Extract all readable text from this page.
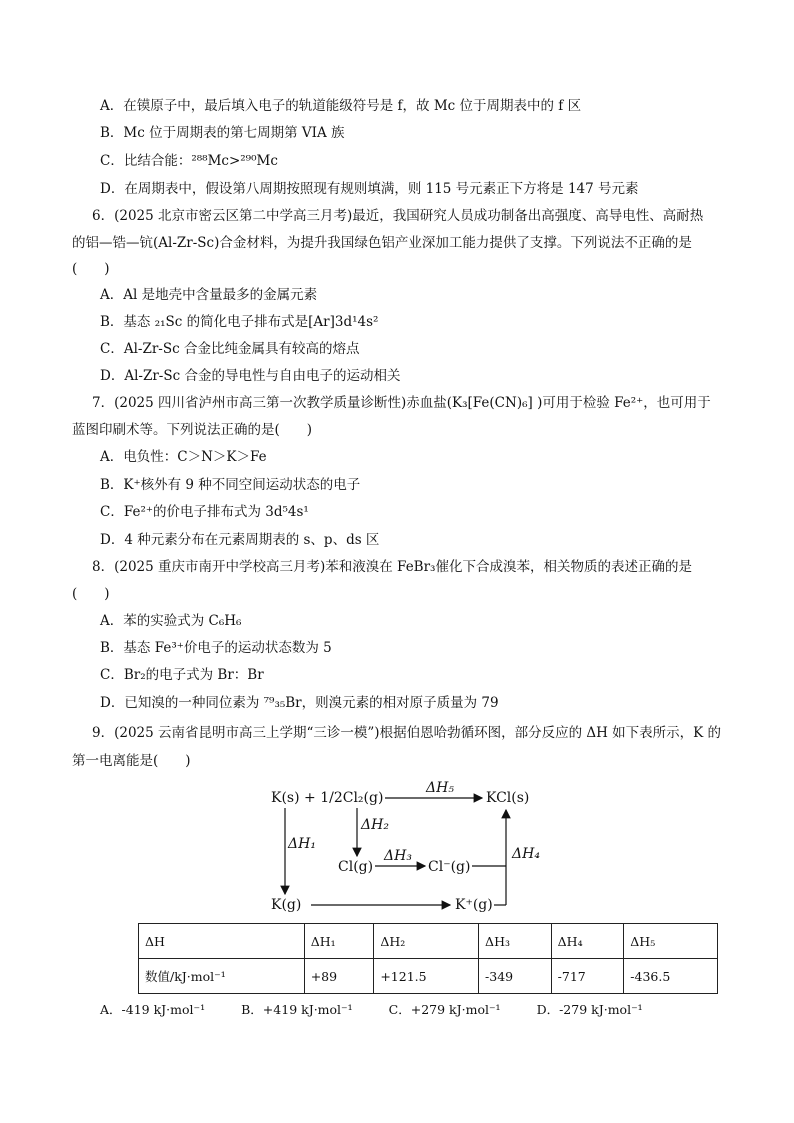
A．在镆原子中，最后填入电子的轨道能级符号是 f，故 Mc 位于周期表中的 f 区
B．Mc 位于周期表的第七周期第 VIA 族
C．比结合能：²⁸⁸Mc>²⁹⁰Mc
D．在周期表中，假设第八周期按照现有规则填满，则 115 号元素正下方将是 147 号元素
6．(2025 北京市密云区第二中学高三月考)最近，我国研究人员成功制备出高强度、高导电性、高耐热
的铝—锆—钪(Al-Zr-Sc)合金材料，为提升我国绿色铝产业深加工能力提供了支撑。下列说法不正确的是
(　　)
A．Al 是地壳中含量最多的金属元素
B．基态 ₂₁Sc 的简化电子排布式是[Ar]3d¹4s²
C．Al-Zr-Sc 合金比纯金属具有较高的熔点
D．Al-Zr-Sc 合金的导电性与自由电子的运动相关
7．(2025 四川省泸州市高三第一次教学质量诊断性)赤血盐(K₃[Fe(CN)₆] )可用于检验 Fe²⁺，也可用于
蓝图印刷术等。下列说法正确的是(　　)
A．电负性：C＞N＞K＞Fe
B．K⁺核外有 9 种不同空间运动状态的电子
C．Fe²⁺的价电子排布式为 3d⁵4s¹
D．4 种元素分布在元素周期表的 s、p、ds 区
8．(2025 重庆市南开中学校高三月考)苯和液溴在 FeBr₃催化下合成溴苯，相关物质的表述正确的是
(　　)
A．苯的实验式为 C₆H₆
B．基态 Fe³⁺价电子的运动状态数为 5
C．Br₂的电子式为 Br：Br
D．已知溴的一种同位素为 ⁷⁹₃₅Br，则溴元素的相对原子质量为 79
9．(2025 云南省昆明市高三上学期“三诊一模”)根据伯恩哈勃循环图，部分反应的 ΔH 如下表所示，K 的
第一电离能是(　　)
K(s) + 1/2Cl₂(g)	KCl(s)
Cl(g)	Cl⁻(g)
K(g)	K⁺(g)
ΔH₅
ΔH₁
ΔH₂
ΔH₃	ΔH₄
ΔH	ΔH₁	ΔH₂	ΔH₃	ΔH₄	ΔH₅
数值/kJ·mol⁻¹	+89	+121.5	-349	-717	-436.5
A．-419 kJ·mol⁻¹	B．+419 kJ·mol⁻¹	C．+279 kJ·mol⁻¹	D．-279 kJ·mol⁻¹
